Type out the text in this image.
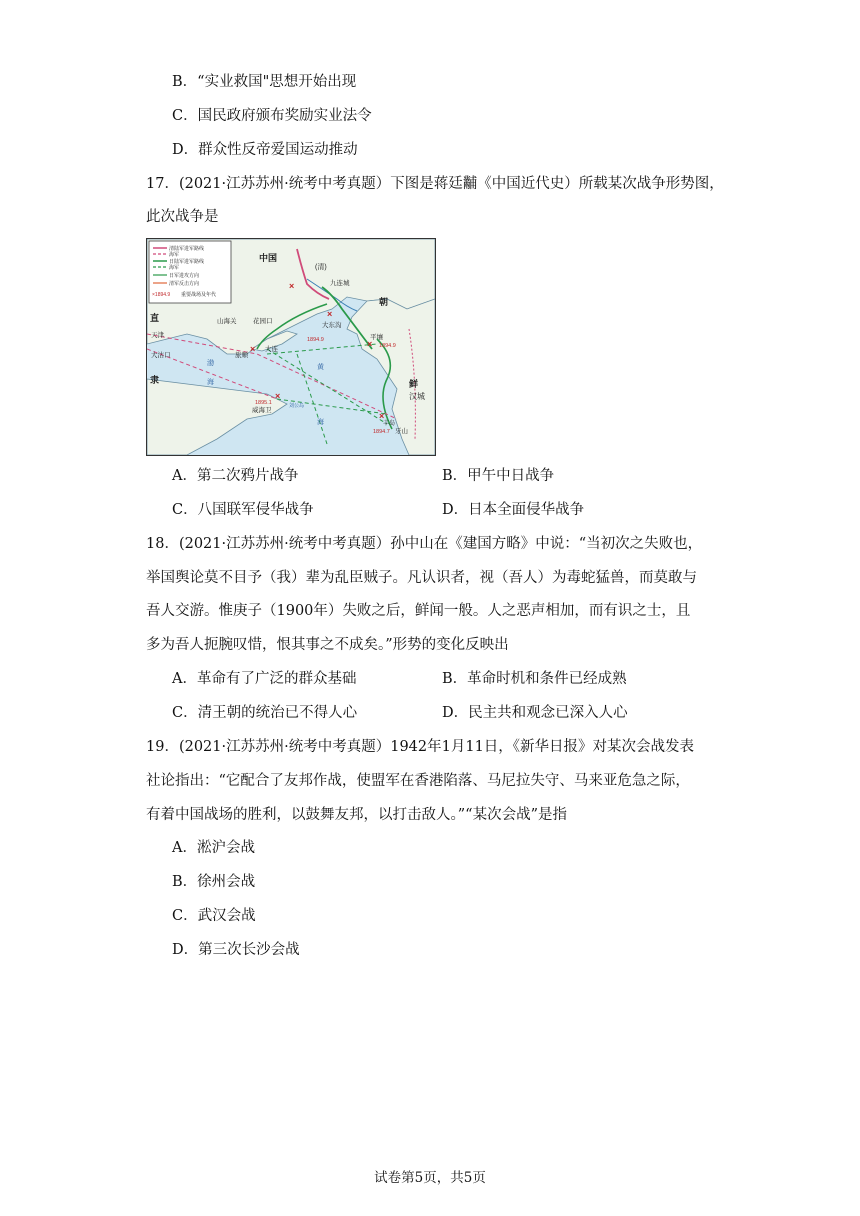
B．“实业救国"思想开始出现
C．国民政府颁布奖励实业法令
D．群众性反帝爱国运动推动
17．(2021·江苏苏州·统考中考真题）下图是蒋廷黼《中国近代史）所载某次战争形势图，
此次战争是
清陆军进军路线
海军
日陆军进军路线
海军
日军进攻方向
清军反击方向
×1894.9 重要战场及年代
×
×
×
×
×
×
中国
(清)
九连城
大东沟
朝
鲜
山海关
直
隶
天津
大沽口
花园口
旅顺
大连
平壤
汉城
威海卫
刘公岛
丰岛
牙山
渤
海
黄
海
1894.9
1894.9
1895.1
1894.7
A．第二次鸦片战争	B．甲午中日战争
C．八国联军侵华战争	D．日本全面侵华战争
18．(2021·江苏苏州·统考中考真题）孙中山在《建国方略》中说：“当初次之失败也，
举国舆论莫不目予（我）辈为乱臣贼子。凡认识者，视（吾人）为毒蛇猛兽，而莫敢与
吾人交游。惟庚子（1900年）失败之后，鲜闻一般。人之恶声相加，而有识之士，且
多为吾人扼腕叹惜，恨其事之不成矣。”形势的变化反映出
A．革命有了广泛的群众基础	B．革命时机和条件已经成熟
C．清王朝的统治已不得人心	D．民主共和观念已深入人心
19．(2021·江苏苏州·统考中考真题）1942年1月11日，《新华日报》对某次会战发表
社论指出：“它配合了友邦作战，使盟军在香港陷落、马尼拉失守、马来亚危急之际，
有着中国战场的胜利，以鼓舞友邦，以打击敌人。”“某次会战”是指
A．淞沪会战
B．徐州会战
C．武汉会战
D．第三次长沙会战
试卷第5页，共5页
